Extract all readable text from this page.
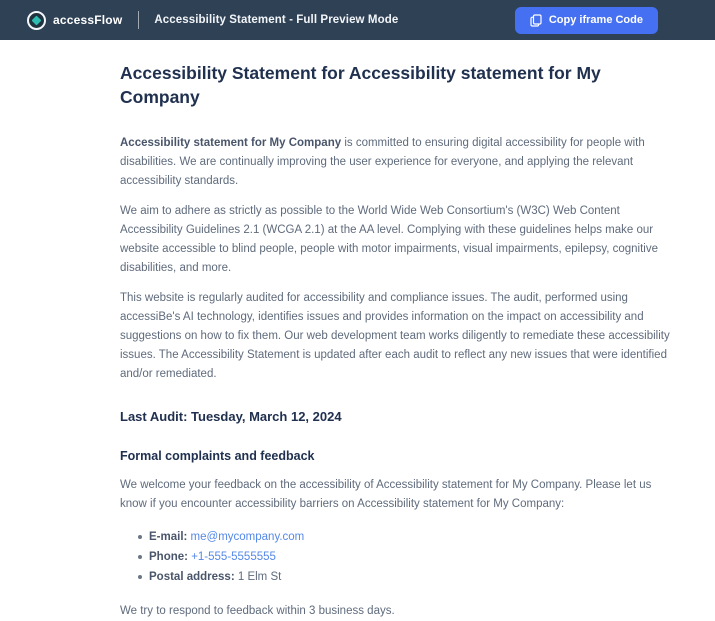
accessFlow	Accessibility Statement - Full Preview Mode	Copy iframe Code
Accessibility Statement for Accessibility statement for My Company

Accessibility statement for My Company is committed to ensuring digital accessibility for people with disabilities. We are continually improving the user experience for everyone, and applying the relevant accessibility standards.

We aim to adhere as strictly as possible to the World Wide Web Consortium's (W3C) Web Content Accessibility Guidelines 2.1 (WCGA 2.1) at the AA level. Complying with these guidelines helps make our website accessible to blind people, people with motor impairments, visual impairments, epilepsy, cognitive disabilities, and more.

This website is regularly audited for accessibility and compliance issues. The audit, performed using accessiBe's AI technology, identifies issues and provides information on the impact on accessibility and suggestions on how to fix them. Our web development team works diligently to remediate these accessibility issues. The Accessibility Statement is updated after each audit to reflect any new issues that were identified and/or remediated.

Last Audit: Tuesday, March 12, 2024
Formal complaints and feedback

We welcome your feedback on the accessibility of Accessibility statement for My Company. Please let us know if you encounter accessibility barriers on Accessibility statement for My Company:

E-mail: me@mycompany.com
Phone: +1-555-5555555
Postal address: 1 Elm St

We try to respond to feedback within 3 business days.
